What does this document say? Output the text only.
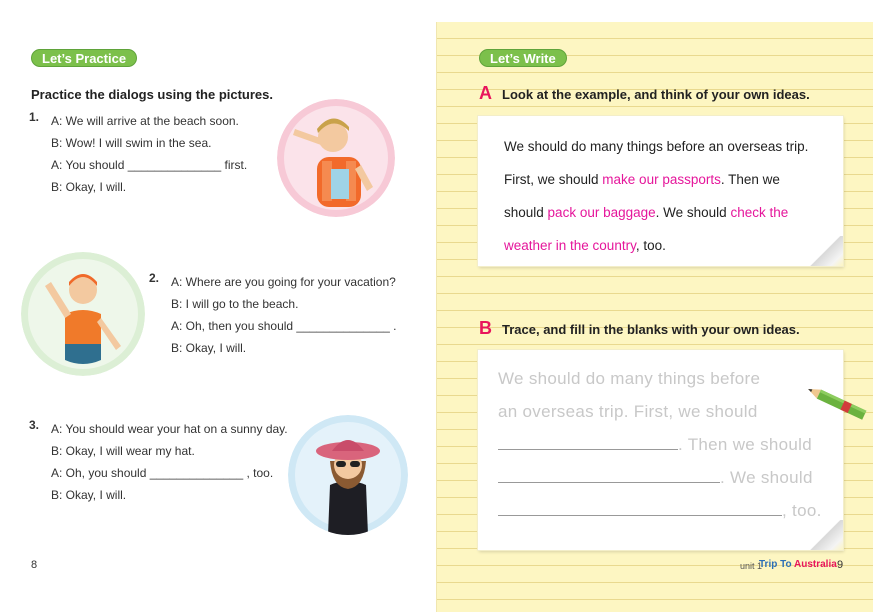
Let’s Practice
Practice the dialogs using the pictures.
1. A: We will arrive at the beach soon.
B: Wow! I will swim in the sea.
A: You should ______________ first.
B: Okay, I will.
2. A: Where are you going for your vacation?
B: I will go to the beach.
A: Oh, then you should ______________ .
B: Okay, I will.
3. A: You should wear your hat on a sunny day.
B: Okay, I will wear my hat.
A: Oh, you should ______________ , too.
B: Okay, I will.
8
Let’s Write
A Look at the example, and think of your own ideas.
We should do many things before an overseas trip. First, we should make our passports. Then we should pack our baggage. We should check the weather in the country, too.
B Trace, and fill in the blanks with your own ideas.
We should do many things before
an overseas trip. First, we should
. Then we should
. We should
, too.
unit 1
Trip To Australia 9
